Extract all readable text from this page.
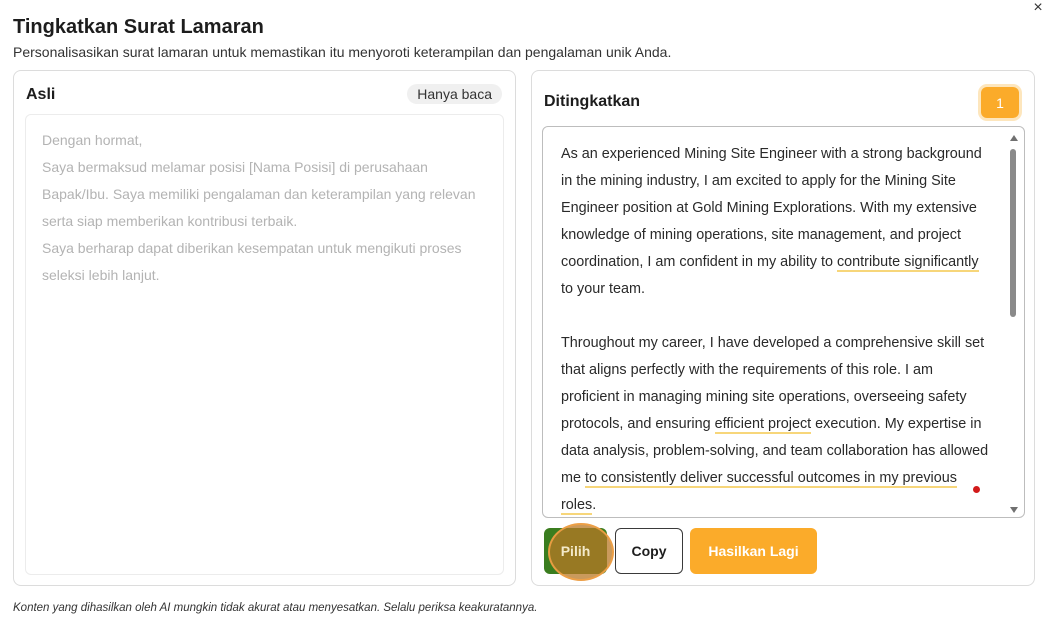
×
Tingkatkan Surat Lamaran
Personalisasikan surat lamaran untuk memastikan itu menyoroti keterampilan dan pengalaman unik Anda.
Asli	Hanya baca
Dengan hormat,
Saya bermaksud melamar posisi [Nama Posisi] di perusahaan Bapak/Ibu. Saya memiliki pengalaman dan keterampilan yang relevan serta siap memberikan kontribusi terbaik.
Saya berharap dapat diberikan kesempatan untuk mengikuti proses seleksi lebih lanjut.
Ditingkatkan	1

As an experienced Mining Site Engineer with a strong background in the mining industry, I am excited to apply for the Mining Site Engineer position at Gold Mining Explorations. With my extensive knowledge of mining operations, site management, and project coordination, I am confident in my ability to contribute significantly to your team.

Throughout my career, I have developed a comprehensive skill set that aligns perfectly with the requirements of this role. I am proficient in managing mining site operations, overseeing safety protocols, and ensuring efficient project execution. My expertise in data analysis, problem-solving, and team collaboration has allowed me to consistently deliver successful outcomes in my previous roles.

Pilih	Copy	Hasilkan Lagi
Konten yang dihasilkan oleh AI mungkin tidak akurat atau menyesatkan. Selalu periksa keakuratannya.
